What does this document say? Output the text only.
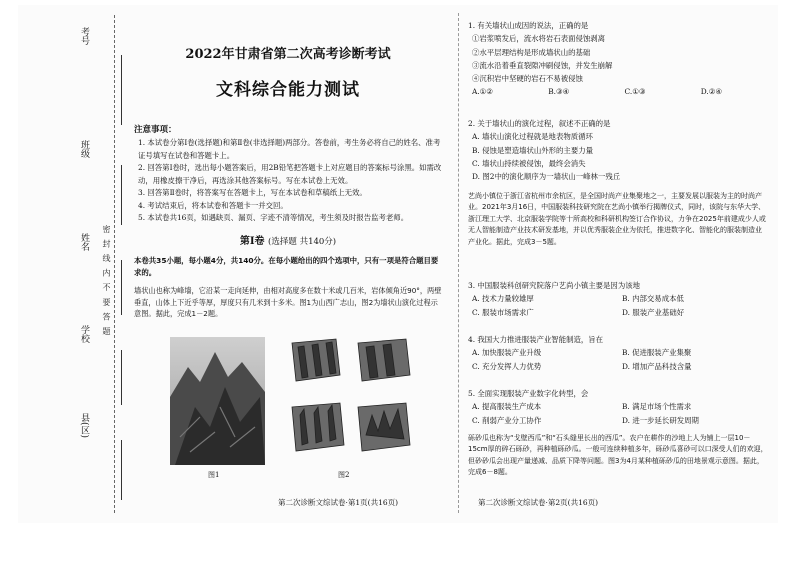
考号
班级
姓名
学校
县(区)
密 封 线 内 不 要 答 题
2022年甘肃省第二次高考诊断考试
文科综合能力测试
注意事项：

1. 本试卷分第Ⅰ卷(选择题)和第Ⅱ卷(非选择题)两部分。答卷前，考生务必将自己的姓名、准考证号填写在试卷和答题卡上。

2. 回答第Ⅰ卷时，选出每小题答案后，用2B铅笔把答题卡上对应题目的答案标号涂黑。如需改动，用橡皮擦干净后，再选涂其他答案标号。写在本试卷上无效。

3. 回答第Ⅱ卷时，将答案写在答题卡上，写在本试卷和草稿纸上无效。

4. 考试结束后，将本试卷和答题卡一并交回。

5. 本试卷共16页，如遇缺页、漏页、字迹不清等情况，考生须及时报告监考老师。

第Ⅰ卷 (选择题 共140分)
本卷共35小题，每小题4分，共140分。在每小题给出的四个选项中，只有一项是符合题目要求的。
墙状山也称为峰墙，它沿某一走向延伸，由相对高度多在数十米或几百米，岩体倾角近90°，两壁垂直，山体上下近乎等厚，厚度只有几米到十多米。图1为山西广志山，图2为墙状山演化过程示意图。据此，完成1－2题。
图1	图2
第二次诊断文综试卷·第1页(共16页)

1. 有关墙状山成因的说法，正确的是

①岩浆喷发后，流水将岩石表面侵蚀剥离

②水平层理结构是形成墙状山的基础

③流水沿着垂直裂隙冲刷侵蚀，并发生崩解

④沉积岩中坚硬的岩石不易被侵蚀

A.①②	B.③④	C.①③	D.②④

2. 关于墙状山的演化过程，叙述不正确的是

A. 墙状山演化过程就是地表物质循环

B. 侵蚀是塑造墙状山外形的主要力量

C. 墙状山持续被侵蚀，最终会消失

D. 图2中的演化顺序为一墙状山一峰林一残丘

艺尚小镇位于浙江省杭州市余杭区，是全国时尚产业集聚地之一，主要发展以服装为主的时尚产业。2021年3月16日，中国服装科技研究院在艺尚小镇举行揭牌仪式，同时，该院与东华大学、浙江理工大学、北京服装学院等十所高校和科研机构签订合作协议，力争在2025年前建成少人或无人智能制造产业技术研发基地，并以优秀服装企业为依托，推进数字化、智能化的服装制造业产业化。据此，完成3－5题。

3. 中国服装科创研究院落户艺尚小镇主要是因为该地

A. 技术力量较雄厚	B. 内部交易成本低
C. 服装市场需求广	D. 服装产业基础好

4. 我国大力推进服装产业智能制造，旨在

A. 加快服装产业升级	B. 促进服装产业集聚
C. 充分发挥人力优势	D. 增加产品科技含量

5. 全面实现服装产业数字化转型，会

A. 提高服装生产成本	B. 满足市场个性需求
C. 削弱产业分工协作	D. 进一步延长研发周期
砾砂瓜也称为“戈壁西瓜”和“石头缝里长出的西瓜”。农户在耕作的沙地上人为铺上一层10－15cm厚的碎石砾砂，再种植砾砂瓜。一般可连续种植多年，砾砂瓜喜砂可以口深受人们的欢迎，但砂砂瓜会出现产量递减、品质下降等问题。图3为4月某种植砾砂瓜的田地景观示意图。据此，完成6－8题。
第二次诊断文综试卷·第2页(共16页)
